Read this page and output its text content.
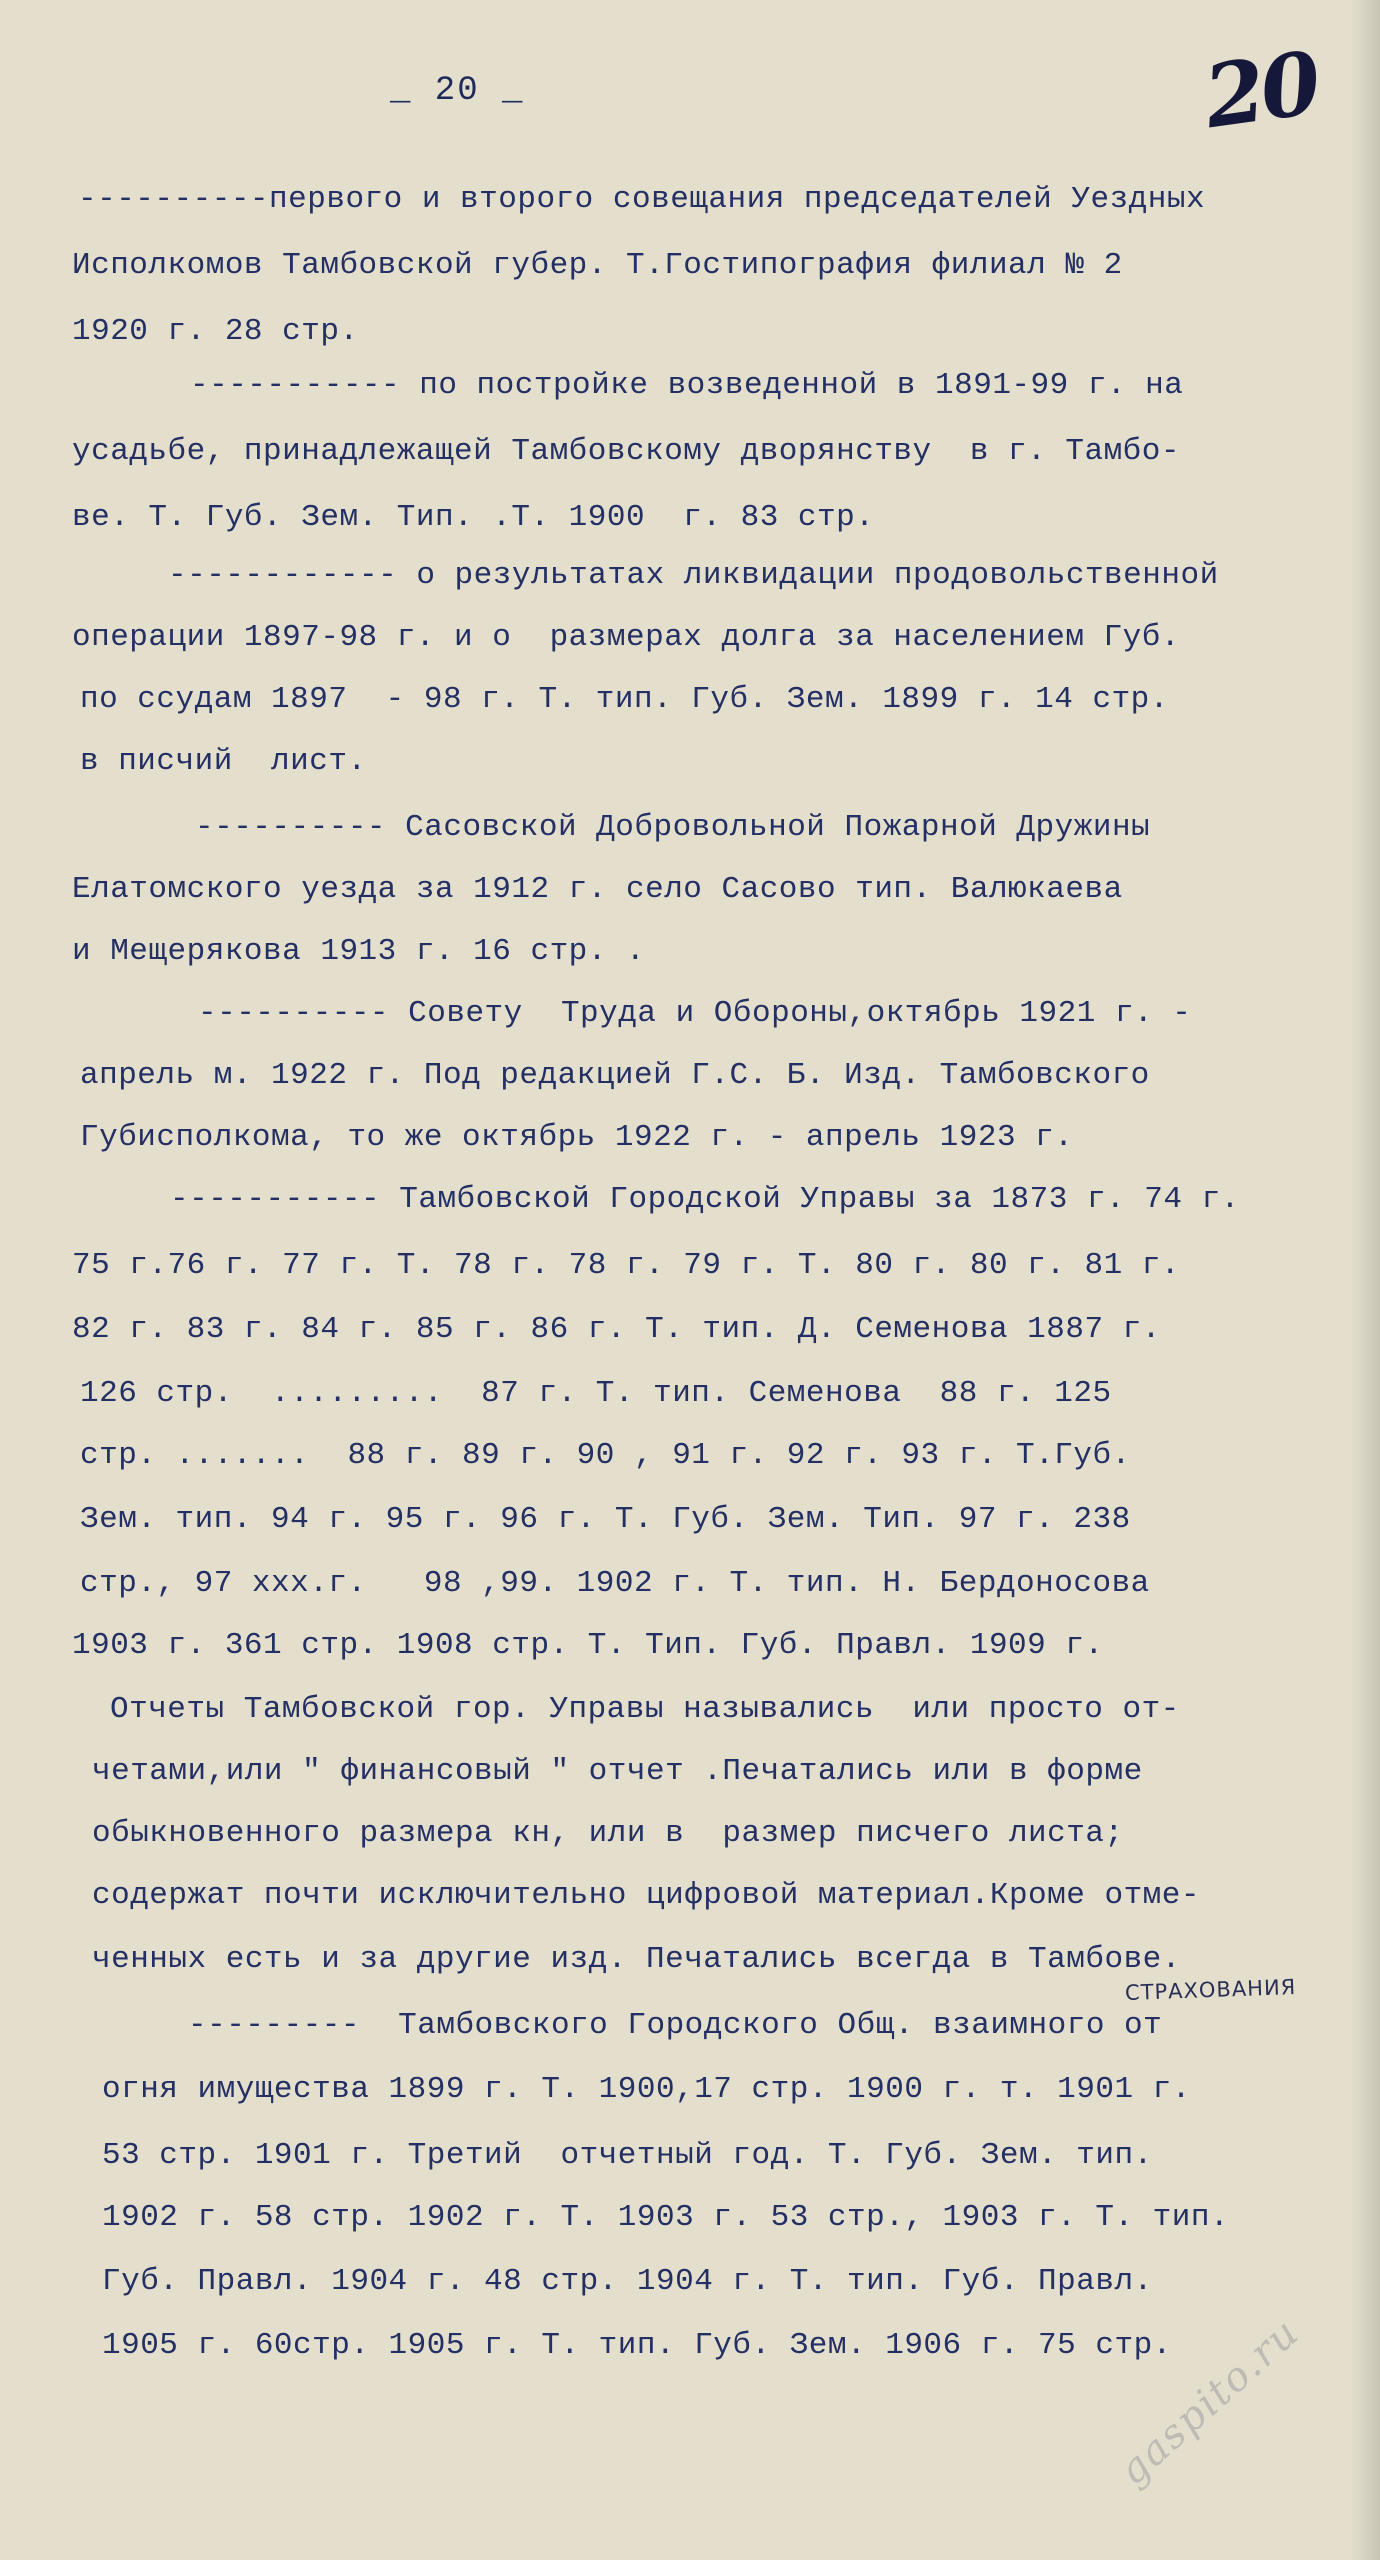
_ 20 _	20
----------первого и второго совещания председателей Уездных
Исполкомов Тамбовской губер. Т.Гостипография филиал № 2
1920 г. 28 стр.
----------- по постройке возведенной в 1891-99 г. на
усадьбе, принадлежащей Тамбовскому дворянству  в г. Тамбо-
ве. Т. Губ. Зем. Тип. .Т. 1900  г. 83 стр.
------------ о результатах ликвидации продовольственной
операции 1897-98 г. и о  размерах долга за населением Губ.
по ссудам 1897  - 98 г. Т. тип. Губ. Зем. 1899 г. 14 стр.
в писчий  лист.
---------- Сасовской Добровольной Пожарной Дружины
Елатомского уезда за 1912 г. село Сасово тип. Валюкаева
и Мещерякова 1913 г. 16 стр. .
---------- Совету  Труда и Обороны,октябрь 1921 г. -
апрель м. 1922 г. Под редакцией Г.С. Б. Изд. Тамбовского
Губисполкома, то же октябрь 1922 г. - апрель 1923 г.
----------- Тамбовской Городской Управы за 1873 г. 74 г.
75 г.76 г. 77 г. Т. 78 г. 78 г. 79 г. Т. 80 г. 80 г. 81 г.
82 г. 83 г. 84 г. 85 г. 86 г. Т. тип. Д. Семенова 1887 г.
126 стр.  .........  87 г. Т. тип. Семенова  88 г. 125
стр. .......  88 г. 89 г. 90 , 91 г. 92 г. 93 г. Т.Губ.
Зем. тип. 94 г. 95 г. 96 г. Т. Губ. Зем. Тип. 97 г. 238
стр., 97 ххх.г.   98 ,99. 1902 г. Т. тип. Н. Бердоносова
1903 г. 361 стр. 1908 стр. Т. Тип. Губ. Правл. 1909 г.
Отчеты Тамбовской гор. Управы назывались  или просто от-
четами,или " финансовый " отчет .Печатались или в форме
обыкновенного размера кн, или в  размер писчего листа;
содержат почти исключительно цифровой материал.Кроме отме-
ченных есть и за другие изд. Печатались всегда в Тамбове.
---------  Тамбовского Городского Общ. взаимного от
огня имущества 1899 г. Т. 1900,17 стр. 1900 г. т. 1901 г.
53 стр. 1901 г. Третий  отчетный год. Т. Губ. Зем. тип.
1902 г. 58 стр. 1902 г. Т. 1903 г. 53 стр., 1903 г. Т. тип.
Губ. Правл. 1904 г. 48 стр. 1904 г. Т. тип. Губ. Правл.
1905 г. 60стр. 1905 г. Т. тип. Губ. Зем. 1906 г. 75 стр.
СТРАХОВАНИЯ
gaspito.ru
